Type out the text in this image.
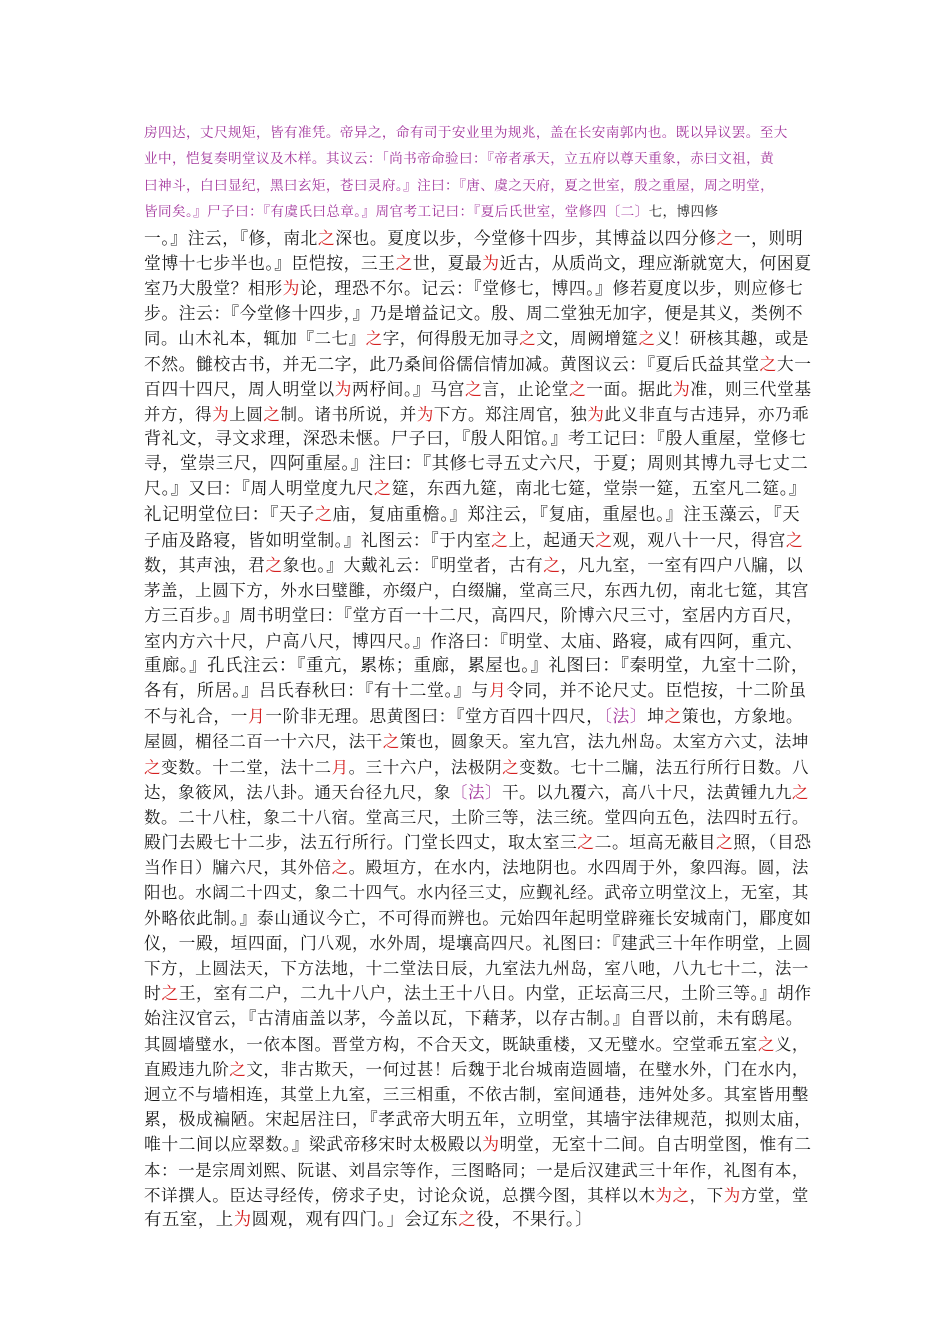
房四达，丈尺规矩，皆有准凭。帝异之，命有司于安业里为规兆，盖在长安南郭内也。既以异议罢。至大
业中，恺复奏明堂议及木样。其议云：「尚书帝命验曰：『帝者承天，立五府以尊天重象，赤曰文祖，黄
曰神斗，白曰显纪，黑曰玄矩，苍曰灵府。』注曰：『唐、虞之天府，夏之世室，殷之重屋，周之明堂，
皆同矣。』尸子曰：『有虞氏曰总章。』周官考工记曰：『夏后氏世室，堂修四〔二〕七，博四修
一。』注云，『修，南北之深也。夏度以步，今堂修十四步，其博益以四分修之一，则明
堂博十七步半也。』臣恺按，三王之世，夏最为近古，从质尚文，理应渐就宽大，何困夏
室乃大殷堂？相形为论，理恐不尔。记云：『堂修七，博四。』修若夏度以步，则应修七
步。注云：『今堂修十四步，』乃是增益记文。殷、周二堂独无加字，便是其义，类例不
同。山木礼本，辄加『二七』之字，何得殷无加寻之文，周阙增筵之义！研核其趣，或是
不然。雠校古书，并无二字，此乃桑间俗儒信情加减。黄图议云：『夏后氏益其堂之大一
百四十四尺，周人明堂以为两杼间。』马宫之言，止论堂之一面。据此为准，则三代堂基
并方，得为上圆之制。诸书所说，并为下方。郑注周官，独为此义非直与古违异，亦乃乖
背礼文，寻文求理，深恐未惬。尸子曰，『殷人阳馆。』考工记曰：『殷人重屋，堂修七
寻，堂崇三尺，四阿重屋。』注曰：『其修七寻五丈六尺，于夏；周则其博九寻七丈二
尺。』又曰：『周人明堂度九尺之筵，东西九筵，南北七筵，堂崇一筵，五室凡二筵。』
礼记明堂位曰：『天子之庙，复庙重檐。』郑注云，『复庙，重屋也。』注玉藻云，『天
子庙及路寝，皆如明堂制。』礼图云：『于内室之上，起通天之观，观八十一尺，得宫之
数，其声浊，君之象也。』大戴礼云：『明堂者，古有之，凡九室，一室有四户八牖，以
茅盖，上圆下方，外水曰璧雝，亦缀户，白缀牖，堂高三尺，东西九仞，南北七筵，其宫
方三百步。』周书明堂曰：『堂方百一十二尺，高四尺，阶博六尺三寸，室居内方百尺，
室内方六十尺，户高八尺，博四尺。』作洛曰：『明堂、太庙、路寝，咸有四阿，重亢、
重廊。』孔氏注云：『重亢，累栋；重廊，累屋也。』礼图曰：『秦明堂，九室十二阶，
各有，所居。』吕氏春秋曰：『有十二堂。』与月令同，并不论尺丈。臣恺按，十二阶虽
不与礼合，一月一阶非无理。思黄图曰：『堂方百四十四尺，〔法〕坤之策也，方象地。
屋圆，楣径二百一十六尺，法干之策也，圆象天。室九宫，法九州岛。太室方六丈，法坤
之变数。十二堂，法十二月。三十六户，法极阴之变数。七十二牖，法五行所行日数。八
达，象筱风，法八卦。通天台径九尺，象〔法〕干。以九覆六，高八十尺，法黄锺九九之
数。二十八柱，象二十八宿。堂高三尺，土阶三等，法三统。堂四向五色，法四时五行。
殿门去殿七十二步，法五行所行。门堂长四丈，取太室三之二。垣高无蔽目之照，（目恐
当作日）牖六尺，其外倍之。殿垣方，在水内，法地阴也。水四周于外，象四海。圆，法
阳也。水阔二十四丈，象二十四气。水内径三丈，应觐礼经。武帝立明堂汶上，无室，其
外略依此制。』泰山通议今亡，不可得而辨也。元始四年起明堂辟雍长安城南门，郿度如
仪，一殿，垣四面，门八观，水外周，堤壤高四尺。礼图曰：『建武三十年作明堂，上圆
下方，上圆法天，下方法地，十二堂法日辰，九室法九州岛，室八吔，八九七十二，法一
时之王，室有二户，二九十八户，法土王十八日。内堂，正坛高三尺，土阶三等。』胡作
始注汉官云，『古清庙盖以茅，今盖以瓦，下藉茅，以存古制。』自晋以前，未有鸱尾。
其圆墙璧水，一依本图。晋堂方构，不合天文，既缺重楼，又无璧水。空堂乖五室之义，
直殿违九阶之文，非古欺天，一何过甚！后魏于北台城南造圆墙，在璧水外，门在水内，
迥立不与墙相连，其堂上九室，三三相重，不依古制，室间通巷，违舛处多。其室皆用墼
累，极成褊陋。宋起居注曰，『孝武帝大明五年，立明堂，其墙宇法律规范，拟则太庙，
唯十二间以应翠数。』梁武帝移宋时太极殿以为明堂，无室十二间。自古明堂图，惟有二
本：一是宗周刘熙、阮谌、刘昌宗等作，三图略同；一是后汉建武三十年作，礼图有本，
不详撰人。臣达寻经传，傍求子史，讨论众说，总撰今图，其样以木为之，下为方堂，堂
有五室，上为圆观，观有四门。」会辽东之役，不果行。〕
